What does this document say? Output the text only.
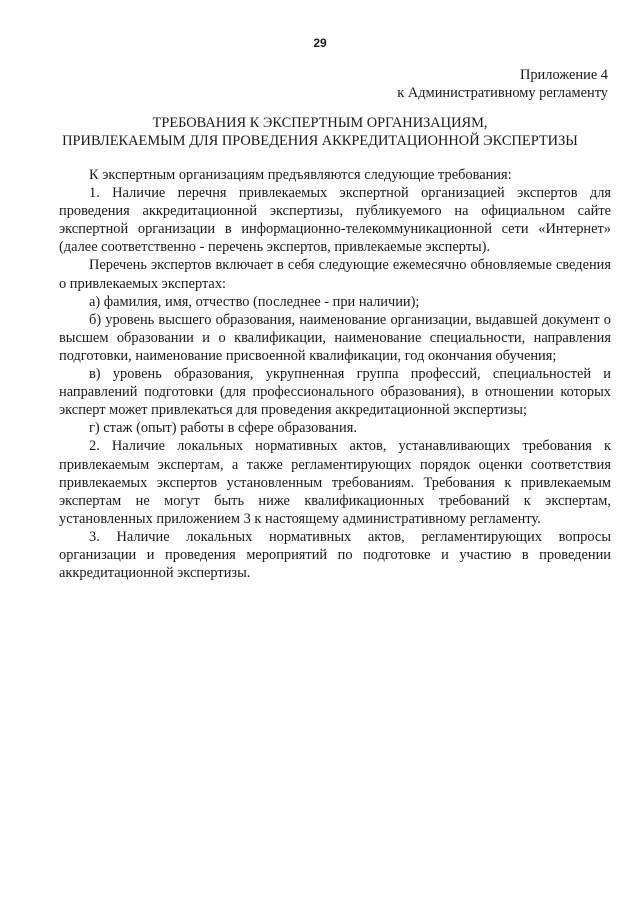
29
Приложение 4
к Административному регламенту
ТРЕБОВАНИЯ К ЭКСПЕРТНЫМ ОРГАНИЗАЦИЯМ,
ПРИВЛЕКАЕМЫМ ДЛЯ ПРОВЕДЕНИЯ АККРЕДИТАЦИОННОЙ ЭКСПЕРТИЗЫ

К экспертным организациям предъявляются следующие требования:

1. Наличие перечня привлекаемых экспертной организацией экспертов для проведения аккредитационной экспертизы, публикуемого на официальном сайте экспертной организации в информационно-телекоммуникационной сети «Интернет» (далее соответственно - перечень экспертов, привлекаемые эксперты).

Перечень экспертов включает в себя следующие ежемесячно обновляемые сведения о привлекаемых экспертах:

а) фамилия, имя, отчество (последнее - при наличии);

б) уровень высшего образования, наименование организации, выдавшей документ о высшем образовании и о квалификации, наименование специальности, направления подготовки, наименование присвоенной квалификации, год окончания обучения;

в) уровень образования, укрупненная группа профессий, специальностей и направлений подготовки (для профессионального образования), в отношении которых эксперт может привлекаться для проведения аккредитационной экспертизы;

г) стаж (опыт) работы в сфере образования.

2. Наличие локальных нормативных актов, устанавливающих требования к привлекаемым экспертам, а также регламентирующих порядок оценки соответствия привлекаемых экспертов установленным требованиям. Требования к привлекаемым экспертам не могут быть ниже квалификационных требований к экспертам, установленных приложением 3 к настоящему административному регламенту.

3. Наличие локальных нормативных актов, регламентирующих вопросы организации и проведения мероприятий по подготовке и участию в проведении аккредитационной экспертизы.
